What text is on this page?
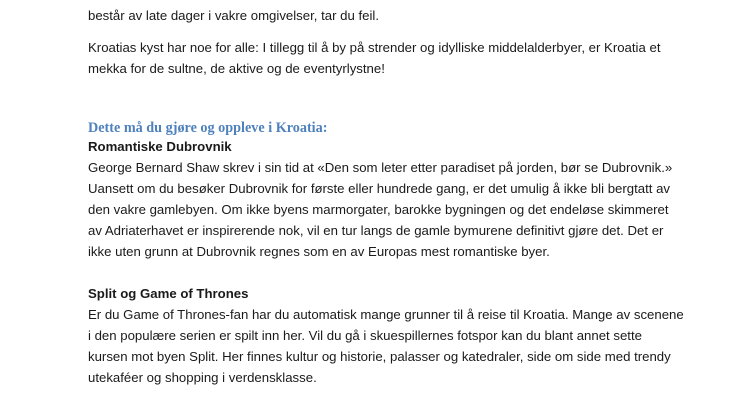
består av late dager i vakre omgivelser, tar du feil.
Kroatias kyst har noe for alle: I tillegg til å by på strender og idylliske middelalderbyer, er Kroatia et
mekka for de sultne, de aktive og de eventyrlystne!
Dette må du gjøre og oppleve i Kroatia:
Romantiske Dubrovnik
George Bernard Shaw skrev i sin tid at «Den som leter etter paradiset på jorden, bør se Dubrovnik.»
Uansett om du besøker Dubrovnik for første eller hundrede gang, er det umulig å ikke bli bergtatt av
den vakre gamlebyen. Om ikke byens marmorgater, barokke bygningen og det endeløse skimmeret
av Adriaterhavet er inspirerende nok, vil en tur langs de gamle bymurene definitivt gjøre det. Det er
ikke uten grunn at Dubrovnik regnes som en av Europas mest romantiske byer.
Split og Game of Thrones
Er du Game of Thrones-fan har du automatisk mange grunner til å reise til Kroatia. Mange av scenene
i den populære serien er spilt inn her. Vil du gå i skuespillernes fotspor kan du blant annet sette
kursen mot byen Split. Her finnes kultur og historie, palasser og katedraler, side om side med trendy
utekaféer og shopping i verdensklasse.
